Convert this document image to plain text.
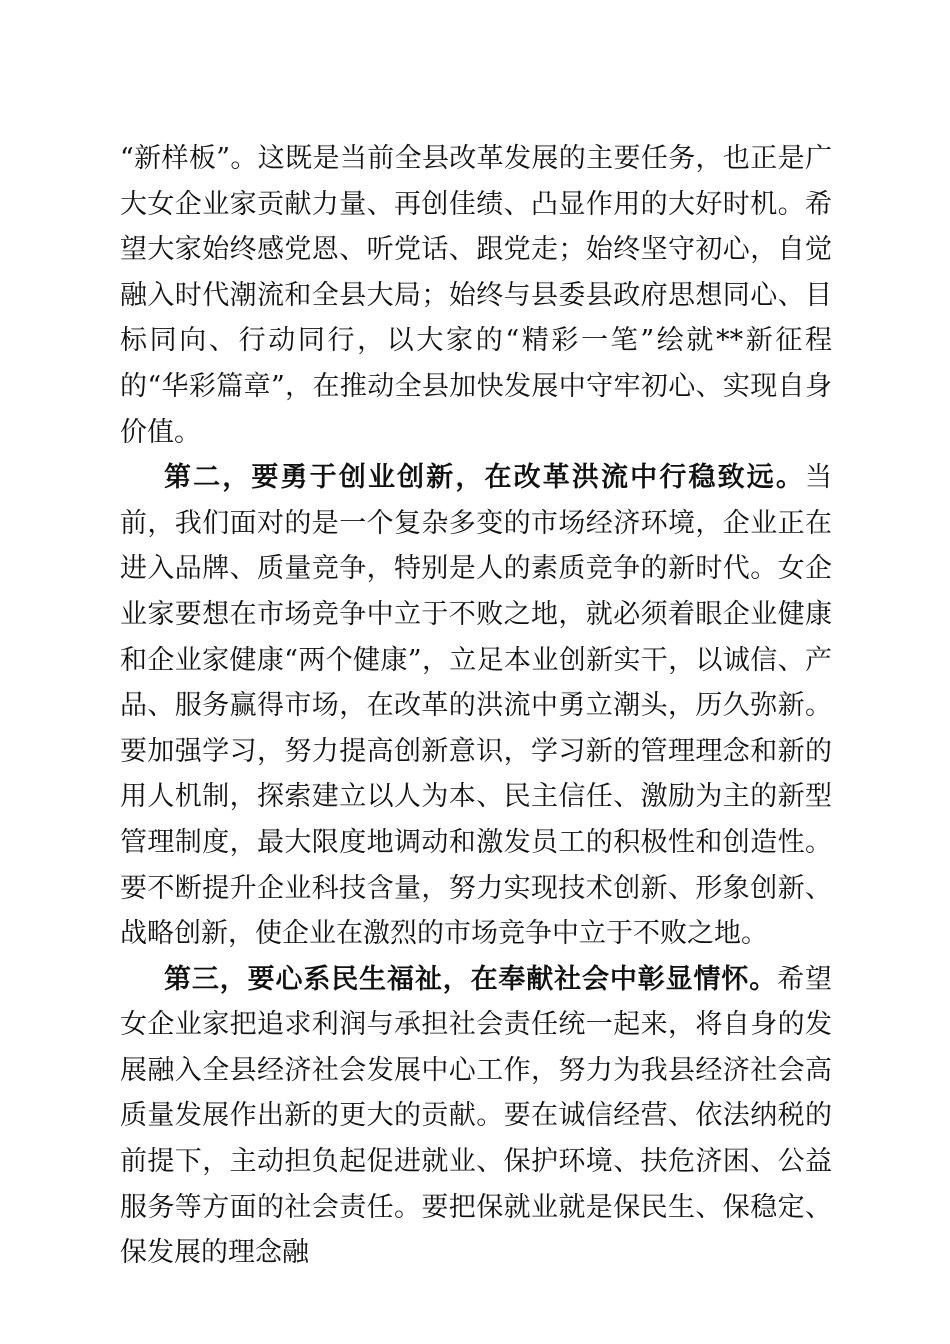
“新样板”。这既是当前全县改革发展的主要任务，也正是广大女企业家贡献力量、再创佳绩、凸显作用的大好时机。希望大家始终感党恩、听党话、跟党走；始终坚守初心，自觉融入时代潮流和全县大局；始终与县委县政府思想同心、目标同向、行动同行，以大家的“精彩一笔”绘就**新征程的“华彩篇章”，在推动全县加快发展中守牢初心、实现自身价值。

第二，要勇于创业创新，在改革洪流中行稳致远。当前，我们面对的是一个复杂多变的市场经济环境，企业正在进入品牌、质量竞争，特别是人的素质竞争的新时代。女企业家要想在市场竞争中立于不败之地，就必须着眼企业健康和企业家健康“两个健康”，立足本业创新实干，以诚信、产品、服务赢得市场，在改革的洪流中勇立潮头，历久弥新。要加强学习，努力提高创新意识，学习新的管理理念和新的用人机制，探索建立以人为本、民主信任、激励为主的新型管理制度，最大限度地调动和激发员工的积极性和创造性。要不断提升企业科技含量，努力实现技术创新、形象创新、战略创新，使企业在激烈的市场竞争中立于不败之地。

第三，要心系民生福祉，在奉献社会中彰显情怀。希望女企业家把追求利润与承担社会责任统一起来，将自身的发展融入全县经济社会发展中心工作，努力为我县经济社会高质量发展作出新的更大的贡献。要在诚信经营、依法纳税的前提下，主动担负起促进就业、保护环境、扶危济困、公益服务等方面的社会责任。要把保就业就是保民生、保稳定、保发展的理念融
